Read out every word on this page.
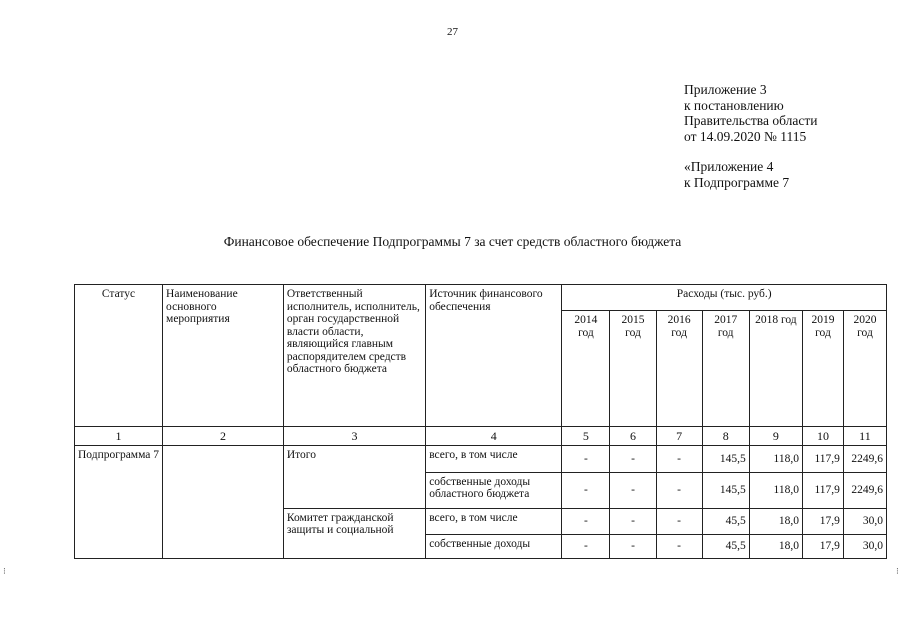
27
Приложение 3
к постановлению
Правительства области
от 14.09.2020 № 1115
«Приложение 4
к Подпрограмме 7
Финансовое обеспечение Подпрограммы 7 за счет средств областного бюджета
Статус	Наименование основного мероприятия	Ответственный исполнитель, исполнитель, орган государственной власти области, являющийся главным распорядителем средств областного бюджета	Источник финансового обеспечения	Расходы (тыс. руб.)						
				2014 год	2015 год	2016 год	2017 год	2018 год	2019 год	2020 год
1	2	3	4	5	6	7	8	9	10	11
Подпрограмма 7		Итого	всего, в том числе	-	-	-	145,5	118,0	117,9	2249,6
			собственные доходы областного бюджета	-	-	-	145,5	118,0	117,9	2249,6
		Комитет гражданской защиты и социальной	всего, в том числе	-	-	-	45,5	18,0	17,9	30,0
			собственные доходы	-	-	-	45,5	18,0	17,9	30,0
⁝	⁝
